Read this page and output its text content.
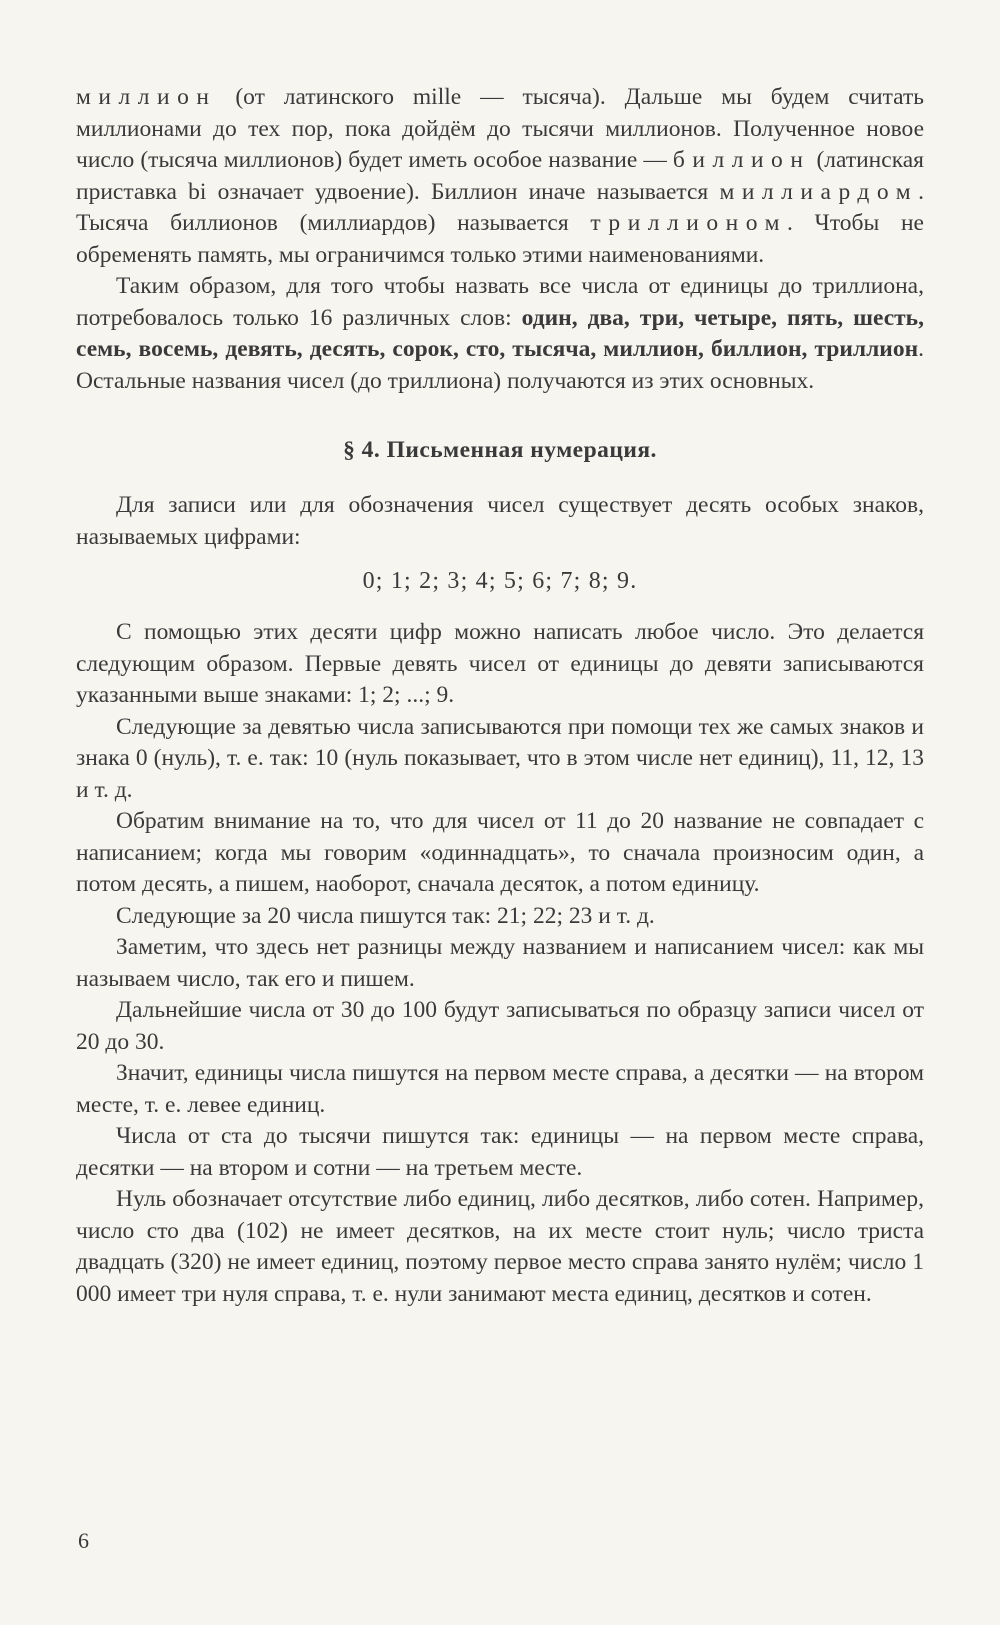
миллион (от латинского mille — тысяча). Дальше мы будем считать миллионами до тех пор, пока дойдём до тысячи миллионов. Полученное новое число (тысяча миллионов) будет иметь особое название — биллион (латинская приставка bi означает удвоение). Биллион иначе называется миллиардом. Тысяча биллионов (миллиардов) называется триллионом. Чтобы не обременять память, мы ограничимся только этими наименованиями.

Таким образом, для того чтобы назвать все числа от единицы до триллиона, потребовалось только 16 различных слов: один, два, три, четыре, пять, шесть, семь, восемь, девять, десять, сорок, сто, тысяча, миллион, биллион, триллион. Остальные названия чисел (до триллиона) получаются из этих основных.

§ 4. Письменная нумерация.

Для записи или для обозначения чисел существует десять особых знаков, называемых цифрами:

0; 1; 2; 3; 4; 5; 6; 7; 8; 9.

С помощью этих десяти цифр можно написать любое число. Это делается следующим образом. Первые девять чисел от единицы до девяти записываются указанными выше знаками: 1; 2; ...; 9.

Следующие за девятью числа записываются при помощи тех же самых знаков и знака 0 (нуль), т. е. так: 10 (нуль показывает, что в этом числе нет единиц), 11, 12, 13 и т. д.

Обратим внимание на то, что для чисел от 11 до 20 название не совпадает с написанием; когда мы говорим «одиннадцать», то сначала произносим один, а потом десять, а пишем, наоборот, сначала десяток, а потом единицу.

Следующие за 20 числа пишутся так: 21; 22; 23 и т. д.

Заметим, что здесь нет разницы между названием и написанием чисел: как мы называем число, так его и пишем.

Дальнейшие числа от 30 до 100 будут записываться по образцу записи чисел от 20 до 30.

Значит, единицы числа пишутся на первом месте справа, а десятки — на втором месте, т. е. левее единиц.

Числа от ста до тысячи пишутся так: единицы — на первом месте справа, десятки — на втором и сотни — на третьем месте.

Нуль обозначает отсутствие либо единиц, либо десятков, либо сотен. Например, число сто два (102) не имеет десятков, на их месте стоит нуль; число триста двадцать (320) не имеет единиц, поэтому первое место справа занято нулём; число 1 000 имеет три нуля справа, т. е. нули занимают места единиц, десятков и сотен.

6
